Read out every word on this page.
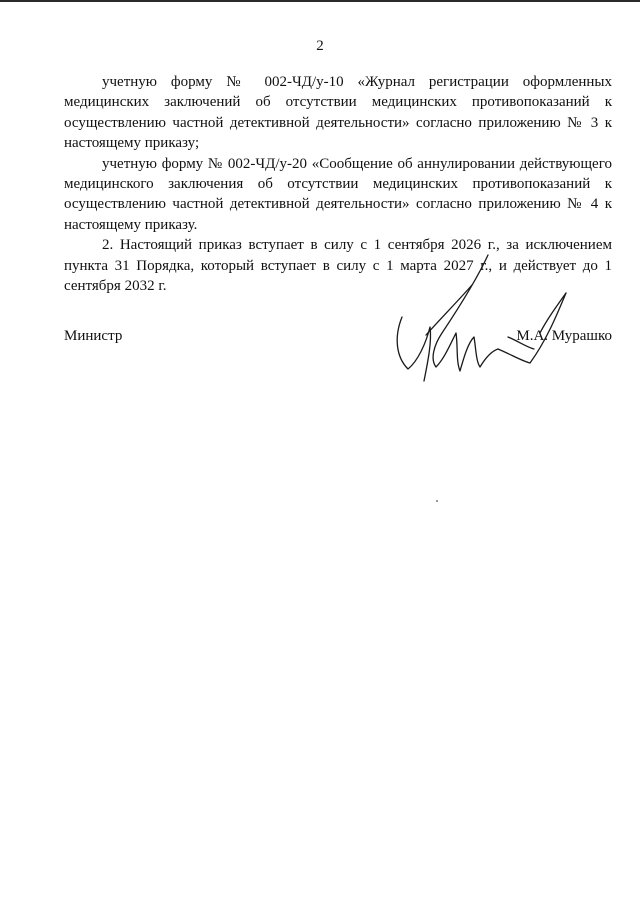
2

учетную форму № 002-ЧД/у-10 «Журнал регистрации оформленных медицинских заключений об отсутствии медицинских противопоказаний к осуществлению частной детективной деятельности» согласно приложению № 3 к настоящему приказу;

учетную форму № 002-ЧД/у-20 «Сообщение об аннулировании действующего медицинского заключения об отсутствии медицинских противопоказаний к осуществлению частной детективной деятельности» согласно приложению № 4 к настоящему приказу.

2. Настоящий приказ вступает в силу с 1 сентября 2026 г., за исключением пункта 31 Порядка, который вступает в силу с 1 марта 2027 г., и действует до 1 сентября 2032 г.

Министр	М.А. Мурашко
